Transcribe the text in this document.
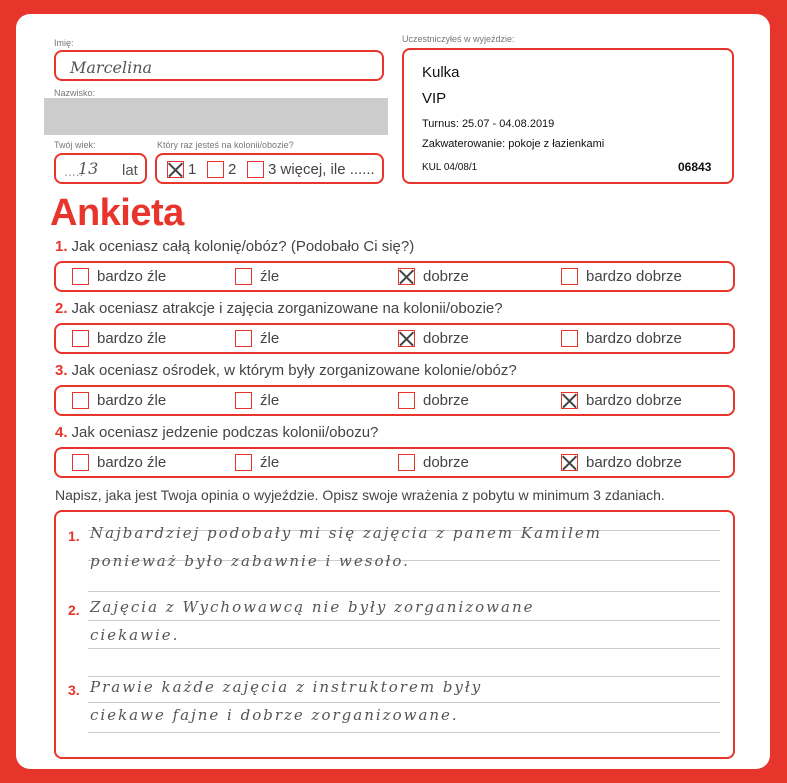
Imię:
Marcelina
Nazwisko:
Twój wiek:
.....
13 lat
Który raz jesteś na kolonii/obozie?
1 2 3 więcej, ile ......
Uczestniczyłeś w wyjeździe:
Kulka
VIP
Turnus: 25.07 - 04.08.2019
Zakwaterowanie: pokoje z łazienkami
KUL 04/08/1	06843
Ankieta
1. Jak oceniasz całą kolonię/obóz? (Podobało Ci się?)
bardzo źle	źle	dobrze	bardzo dobrze
2. Jak oceniasz atrakcje i zajęcia zorganizowane na kolonii/obozie?
bardzo źle	źle	dobrze	bardzo dobrze
3. Jak oceniasz ośrodek, w którym były zorganizowane kolonie/obóz?
bardzo źle	źle	dobrze	bardzo dobrze
4. Jak oceniasz jedzenie podczas kolonii/obozu?
bardzo źle	źle	dobrze	bardzo dobrze
Napisz, jaka jest Twoja opinia o wyjeździe. Opisz swoje wrażenia z pobytu w minimum 3 zdaniach.
1. Najbardziej podobały mi się zajęcia z panem Kamilem
ponieważ było zabawnie i wesoło.
2. Zajęcia z Wychowawcą nie były zorganizowane
ciekawie.
3. Prawie każde zajęcia z instruktorem były
ciekawe fajne i dobrze zorganizowane.
